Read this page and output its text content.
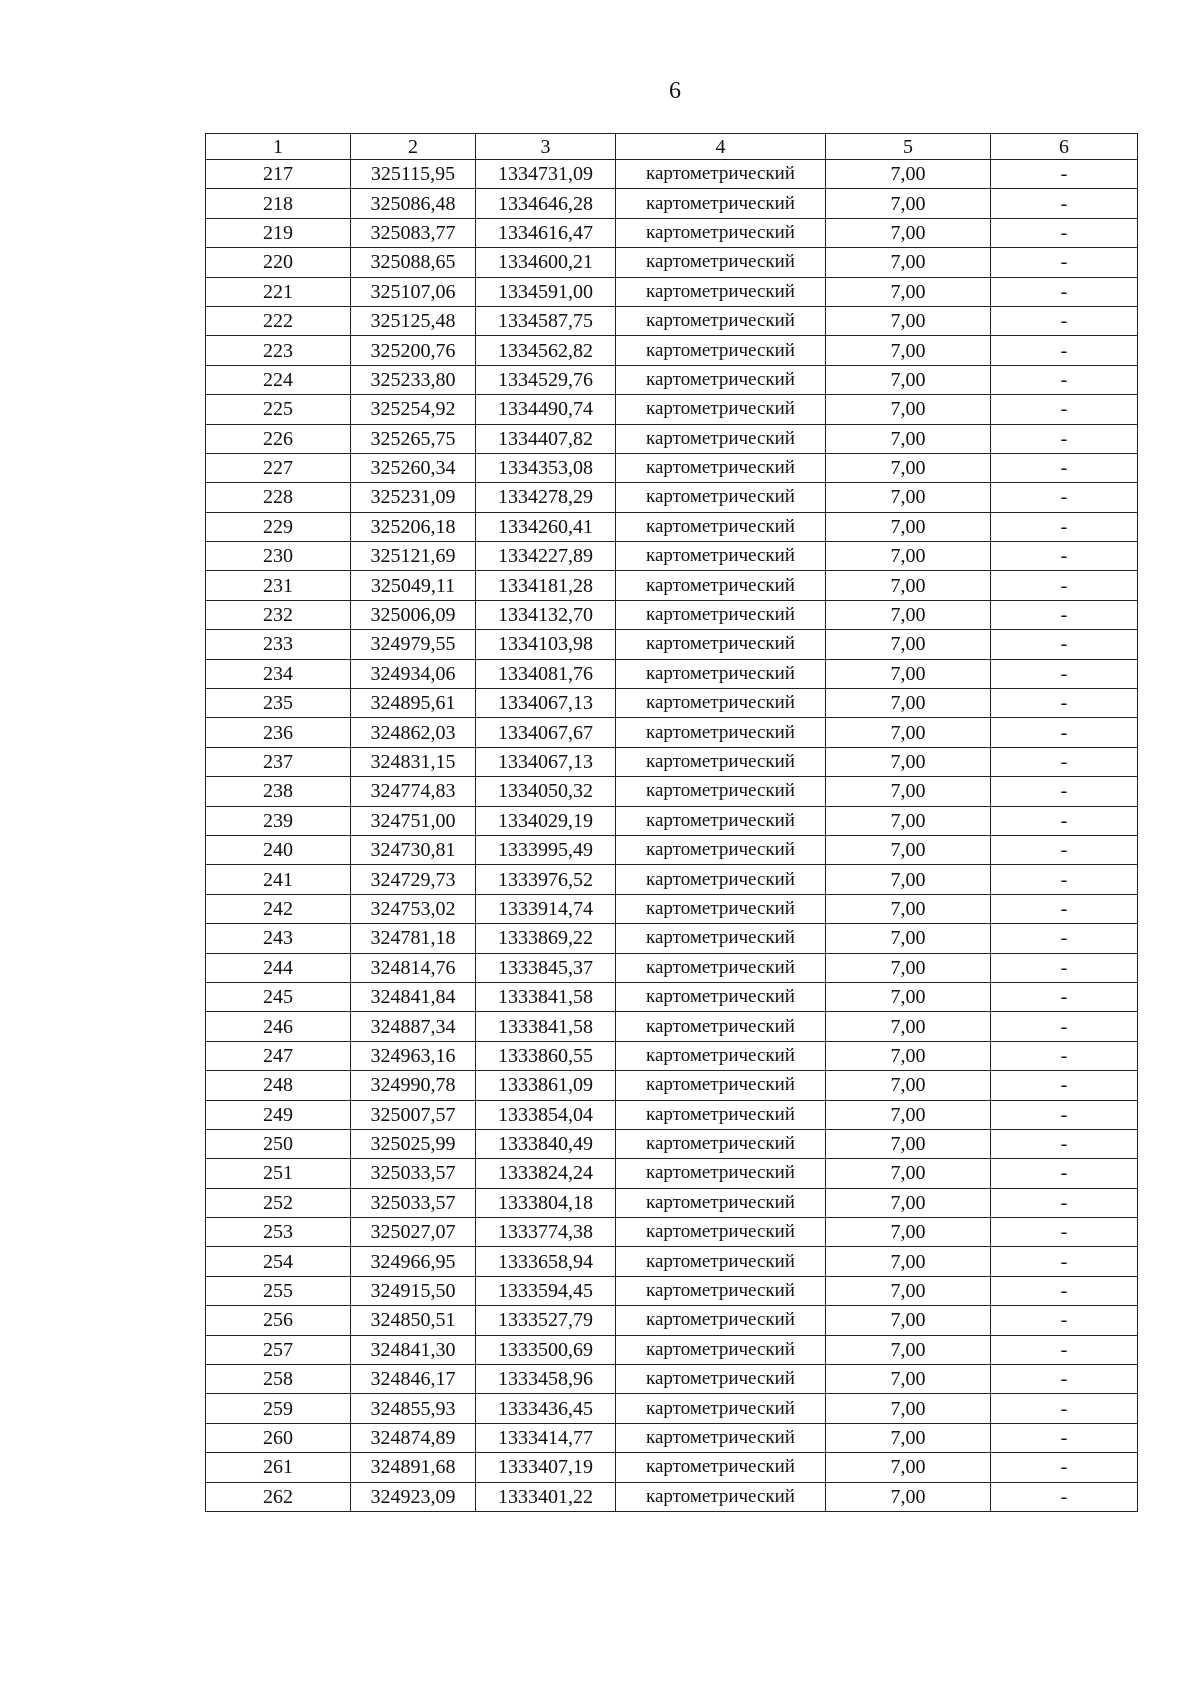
6
1	2	3	4	5	6
217	325115,95	1334731,09	картометрический	7,00	-
218	325086,48	1334646,28	картометрический	7,00	-
219	325083,77	1334616,47	картометрический	7,00	-
220	325088,65	1334600,21	картометрический	7,00	-
221	325107,06	1334591,00	картометрический	7,00	-
222	325125,48	1334587,75	картометрический	7,00	-
223	325200,76	1334562,82	картометрический	7,00	-
224	325233,80	1334529,76	картометрический	7,00	-
225	325254,92	1334490,74	картометрический	7,00	-
226	325265,75	1334407,82	картометрический	7,00	-
227	325260,34	1334353,08	картометрический	7,00	-
228	325231,09	1334278,29	картометрический	7,00	-
229	325206,18	1334260,41	картометрический	7,00	-
230	325121,69	1334227,89	картометрический	7,00	-
231	325049,11	1334181,28	картометрический	7,00	-
232	325006,09	1334132,70	картометрический	7,00	-
233	324979,55	1334103,98	картометрический	7,00	-
234	324934,06	1334081,76	картометрический	7,00	-
235	324895,61	1334067,13	картометрический	7,00	-
236	324862,03	1334067,67	картометрический	7,00	-
237	324831,15	1334067,13	картометрический	7,00	-
238	324774,83	1334050,32	картометрический	7,00	-
239	324751,00	1334029,19	картометрический	7,00	-
240	324730,81	1333995,49	картометрический	7,00	-
241	324729,73	1333976,52	картометрический	7,00	-
242	324753,02	1333914,74	картометрический	7,00	-
243	324781,18	1333869,22	картометрический	7,00	-
244	324814,76	1333845,37	картометрический	7,00	-
245	324841,84	1333841,58	картометрический	7,00	-
246	324887,34	1333841,58	картометрический	7,00	-
247	324963,16	1333860,55	картометрический	7,00	-
248	324990,78	1333861,09	картометрический	7,00	-
249	325007,57	1333854,04	картометрический	7,00	-
250	325025,99	1333840,49	картометрический	7,00	-
251	325033,57	1333824,24	картометрический	7,00	-
252	325033,57	1333804,18	картометрический	7,00	-
253	325027,07	1333774,38	картометрический	7,00	-
254	324966,95	1333658,94	картометрический	7,00	-
255	324915,50	1333594,45	картометрический	7,00	-
256	324850,51	1333527,79	картометрический	7,00	-
257	324841,30	1333500,69	картометрический	7,00	-
258	324846,17	1333458,96	картометрический	7,00	-
259	324855,93	1333436,45	картометрический	7,00	-
260	324874,89	1333414,77	картометрический	7,00	-
261	324891,68	1333407,19	картометрический	7,00	-
262	324923,09	1333401,22	картометрический	7,00	-
